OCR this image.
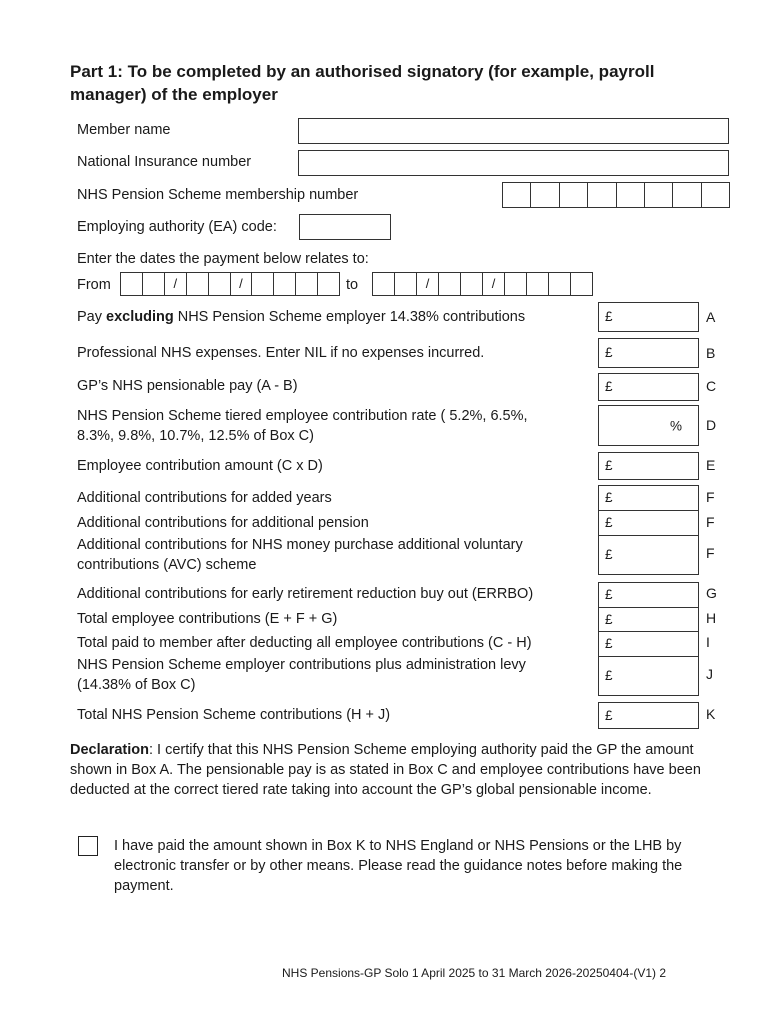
Part 1: To be completed by an authorised signatory (for example, payroll manager) of the employer
Member name
National Insurance number
NHS Pension Scheme membership number
Employing authority (EA) code:
Enter the dates the payment below relates to:
From	/	/	to	/	/
Pay excluding NHS Pension Scheme employer 14.38% contributions	£	A
Professional NHS expenses. Enter NIL if no expenses incurred.	£	B
GP’s NHS pensionable pay (A - B)	£	C
NHS Pension Scheme tiered employee contribution rate ( 5.2%, 6.5%,
8.3%, 9.8%, 10.7%, 12.5% of Box C)
% D
Employee contribution amount (C x D)	£	E
Additional contributions for added years	£	F
Additional contributions for additional pension	£	F
Additional contributions for NHS money purchase additional voluntary
contributions (AVC) scheme
£	F
Additional contributions for early retirement reduction buy out (ERRBO)	£	G
Total employee contributions (E + F + G)	£	H
Total paid to member after deducting all employee contributions (C - H)	£	I
NHS Pension Scheme employer contributions plus administration levy
(14.38% of Box C)
£	J
Total NHS Pension Scheme contributions (H + J)	£	K
Declaration: I certify that this NHS Pension Scheme employing authority paid the GP the amount shown in Box A. The pensionable pay is as stated in Box C and employee contributions have been deducted at the correct tiered rate taking into account the GP’s global pensionable income.
I have paid the amount shown in Box K to NHS England or NHS Pensions or the LHB by electronic transfer or by other means. Please read the guidance notes before making the payment.
NHS Pensions-GP Solo 1 April 2025 to 31 March 2026-20250404-(V1) 2
